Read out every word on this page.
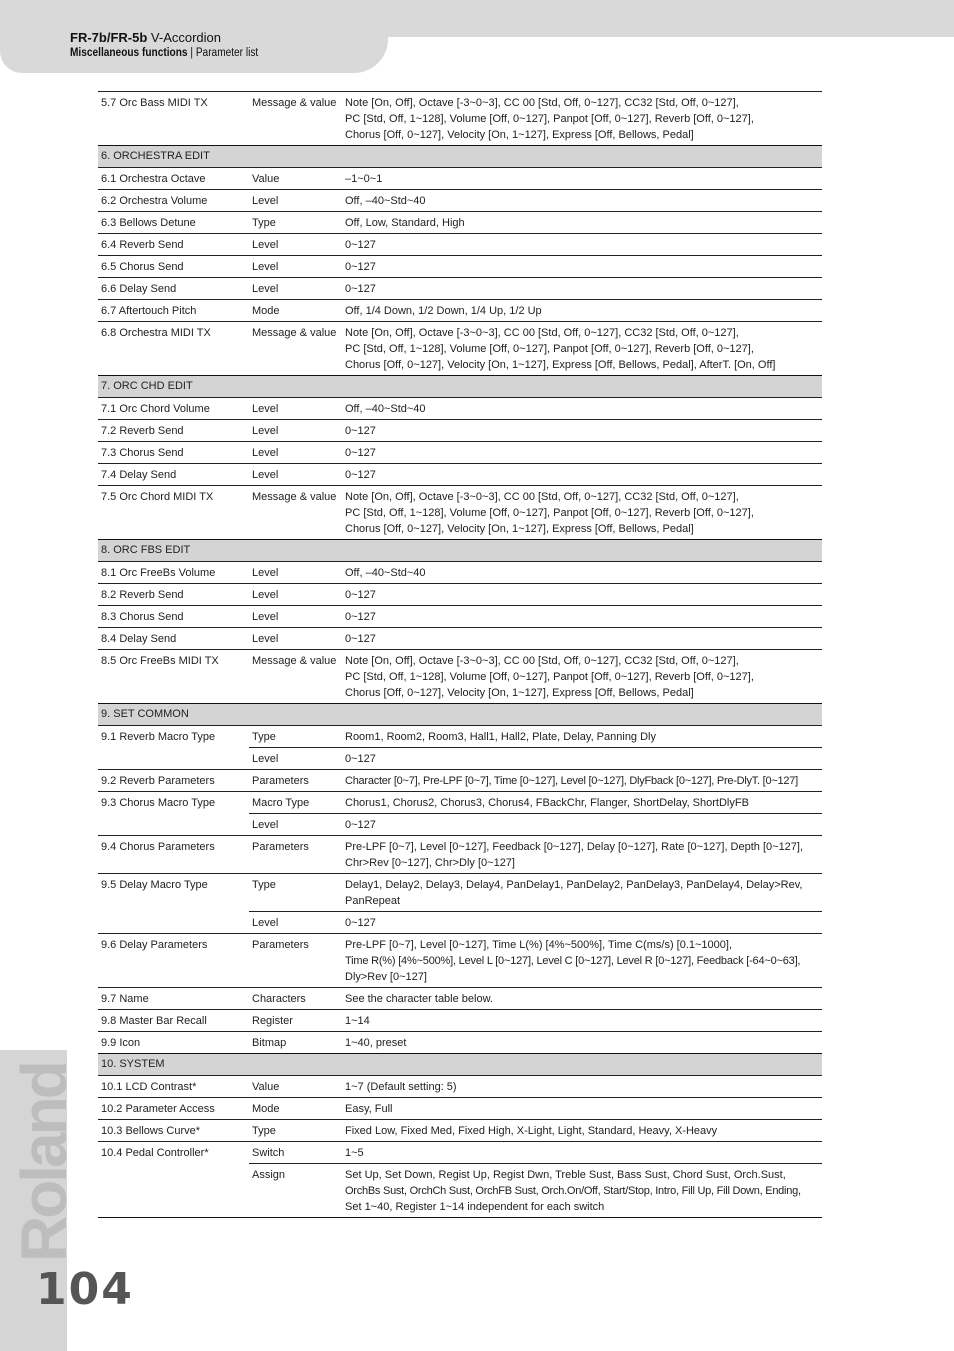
FR-7b/FR-5b V-Accordion
Miscellaneous functions | Parameter list
Roland
104
5.7 Orc Bass MIDI TX	Message & value	Note [On, Off], Octave [-3~0~3], CC 00 [Std, Off, 0~127], CC32 [Std, Off, 0~127],
PC [Std, Off, 1~128], Volume [Off, 0~127], Panpot [Off, 0~127], Reverb [Off, 0~127],
Chorus [Off, 0~127], Velocity [On, 1~127], Express [Off, Bellows, Pedal]

6. ORCHESTRA EDIT		
6.1 Orchestra Octave	Value	–1~0~1
6.2 Orchestra Volume	Level	Off, –40~Std~40
6.3 Bellows Detune	Type	Off, Low, Standard, High
6.4 Reverb Send	Level	0~127
6.5 Chorus Send	Level	0~127
6.6 Delay Send	Level	0~127
6.7 Aftertouch Pitch	Mode	Off, 1/4 Down, 1/2 Down, 1/4 Up, 1/2 Up
6.8 Orchestra MIDI TX	Message & value	Note [On, Off], Octave [-3~0~3], CC 00 [Std, Off, 0~127], CC32 [Std, Off, 0~127],
PC [Std, Off, 1~128], Volume [Off, 0~127], Panpot [Off, 0~127], Reverb [Off, 0~127],
Chorus [Off, 0~127], Velocity [On, 1~127], Express [Off, Bellows, Pedal], AfterT. [On, Off]

7. ORC CHD EDIT		
7.1 Orc Chord Volume	Level	Off, –40~Std~40
7.2 Reverb Send	Level	0~127
7.3 Chorus Send	Level	0~127
7.4 Delay Send	Level	0~127
7.5 Orc Chord MIDI TX	Message & value	Note [On, Off], Octave [-3~0~3], CC 00 [Std, Off, 0~127], CC32 [Std, Off, 0~127],
PC [Std, Off, 1~128], Volume [Off, 0~127], Panpot [Off, 0~127], Reverb [Off, 0~127],
Chorus [Off, 0~127], Velocity [On, 1~127], Express [Off, Bellows, Pedal]

8. ORC FBS EDIT		
8.1 Orc FreeBs Volume	Level	Off, –40~Std~40
8.2 Reverb Send	Level	0~127
8.3 Chorus Send	Level	0~127
8.4 Delay Send	Level	0~127
8.5 Orc FreeBs MIDI TX	Message & value	Note [On, Off], Octave [-3~0~3], CC 00 [Std, Off, 0~127], CC32 [Std, Off, 0~127],
PC [Std, Off, 1~128], Volume [Off, 0~127], Panpot [Off, 0~127], Reverb [Off, 0~127],
Chorus [Off, 0~127], Velocity [On, 1~127], Express [Off, Bellows, Pedal]

9. SET COMMON		
9.1 Reverb Macro Type	Type	Room1, Room2, Room3, Hall1, Hall2, Plate, Delay, Panning Dly
	Level	0~127
9.2 Reverb Parameters	Parameters	Character [0~7], Pre-LPF [0~7], Time [0~127], Level [0~127], DlyFback [0~127], Pre-DlyT. [0~127]

9.3 Chorus Macro Type	Macro Type	Chorus1, Chorus2, Chorus3, Chorus4, FBackChr, Flanger, ShortDelay, ShortDlyFB
	Level	0~127
9.4 Chorus Parameters	Parameters	Pre-LPF [0~7], Level [0~127], Feedback [0~127], Delay [0~127], Rate [0~127], Depth [0~127],
Chr>Rev [0~127], Chr>Dly [0~127]

9.5 Delay Macro Type	Type	Delay1, Delay2, Delay3, Delay4, PanDelay1, PanDelay2, PanDelay3, PanDelay4, Delay>Rev,
PanRepeat

	Level	0~127
9.6 Delay Parameters	Parameters	Pre-LPF [0~7], Level [0~127], Time L(%) [4%~500%], Time C(ms/s) [0.1~1000],
Time R(%) [4%~500%], Level L [0~127], Level C [0~127], Level R [0~127], Feedback [-64~0~63],
Dly>Rev [0~127]

9.7 Name	Characters	See the character table below.
9.8 Master Bar Recall	Register	1~14
9.9 Icon	Bitmap	1~40, preset
10. SYSTEM		
10.1 LCD Contrast*	Value	1~7 (Default setting: 5)
10.2 Parameter Access	Mode	Easy, Full
10.3 Bellows Curve*	Type	Fixed Low, Fixed Med, Fixed High, X-Light, Light, Standard, Heavy, X-Heavy
10.4 Pedal Controller*	Switch	1~5
	Assign	Set Up, Set Down, Regist Up, Regist Dwn, Treble Sust, Bass Sust, Chord Sust, Orch.Sust,
OrchBs Sust, OrchCh Sust, OrchFB Sust, Orch.On/Off, Start/Stop, Intro, Fill Up, Fill Down, Ending,
Set 1~40, Register 1~14 independent for each switch
